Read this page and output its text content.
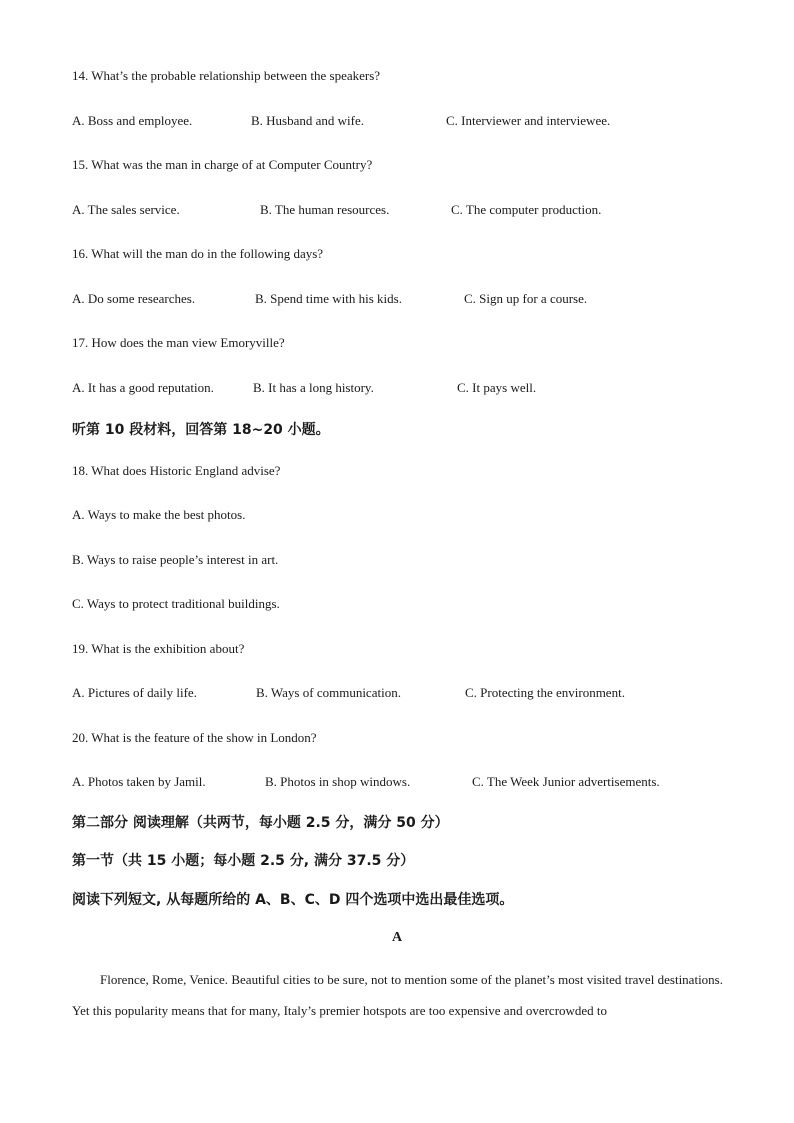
14. What’s the probable relationship between the speakers?
A. Boss and employee.	B. Husband and wife.	C. Interviewer and interviewee.
15. What was the man in charge of at Computer Country?
A. The sales service.	B. The human resources.	C. The computer production.
16. What will the man do in the following days?
A. Do some researches.	B. Spend time with his kids.	C. Sign up for a course.
17. How does the man view Emoryville?
A. It has a good reputation.	B. It has a long history.	C. It pays well.
听第 10 段材料，回答第 18~20 小题。
18. What does Historic England advise?
A. Ways to make the best photos.
B. Ways to raise people’s interest in art.
C. Ways to protect traditional buildings.
19. What is the exhibition about?
A. Pictures of daily life.	B. Ways of communication.	C. Protecting the environment.
20. What is the feature of the show in London?
A. Photos taken by Jamil.	B. Photos in shop windows.	C. The Week Junior advertisements.
第二部分 阅读理解（共两节，每小题 2.5 分，满分 50 分）
第一节（共 15 小题；每小题 2.5 分, 满分 37.5 分）
阅读下列短文, 从每题所给的 A、B、C、D 四个选项中选出最佳选项。
A

Florence, Rome, Venice. Beautiful cities to be sure, not to mention some of the planet’s most visited travel destinations. Yet this popularity means that for many, Italy’s premier hotspots are too expensive and overcrowded to
